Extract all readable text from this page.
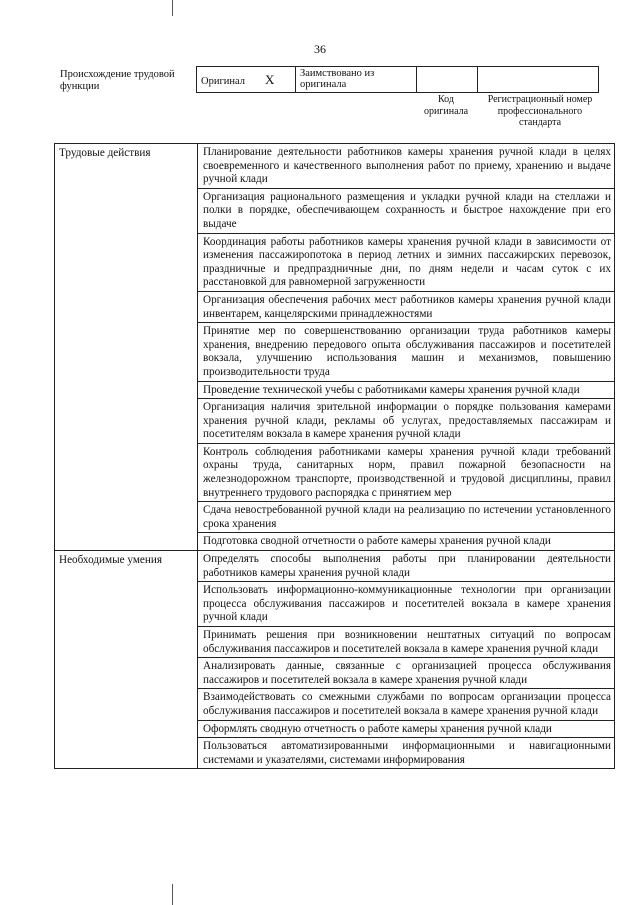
36
Происхождение трудовой функции	Оригинал X	Заимствовано из оригинала		
Код оригинала
Регистрационный номер профессионального стандарта
Трудовые действия	Планирование деятельности работников камеры хранения ручной клади в целях своевременного и качественного выполнения работ по приему, хранению и выдаче ручной клади
	Организация рационального размещения и укладки ручной клади на стеллажи и полки в порядке, обеспечивающем сохранность и быстрое нахождение при его выдаче
	Координация работы работников камеры хранения ручной клади в зависимости от изменения пассажиропотока в период летних и зимних пассажирских перевозок, праздничные и предпраздничные дни, по дням недели и часам суток с их расстановкой для равномерной загруженности
	Организация обеспечения рабочих мест работников камеры хранения ручной клади инвентарем, канцелярскими принадлежностями
	Принятие мер по совершенствованию организации труда работников камеры хранения, внедрению передового опыта обслуживания пассажиров и посетителей вокзала, улучшению использования машин и механизмов, повышению производительности труда
	Проведение технической учебы с работниками камеры хранения ручной клади
	Организация наличия зрительной информации о порядке пользования камерами хранения ручной клади, рекламы об услугах, предоставляемых пассажирам и посетителям вокзала в камере хранения ручной клади
	Контроль соблюдения работниками камеры хранения ручной клади требований охраны труда, санитарных норм, правил пожарной безопасности на железнодорожном транспорте, производственной и трудовой дисциплины, правил внутреннего трудового распорядка с принятием мер
	Сдача невостребованной ручной клади на реализацию по истечении установленного срока хранения
	Подготовка сводной отчетности о работе камеры хранения ручной клади
Необходимые умения	Определять способы выполнения работы при планировании деятельности работников камеры хранения ручной клади
	Использовать информационно-коммуникационные технологии при организации процесса обслуживания пассажиров и посетителей вокзала в камере хранения ручной клади
	Принимать решения при возникновении нештатных ситуаций по вопросам обслуживания пассажиров и посетителей вокзала в камере хранения ручной клади
	Анализировать данные, связанные с организацией процесса обслуживания пассажиров и посетителей вокзала в камере хранения ручной клади
	Взаимодействовать со смежными службами по вопросам организации процесса обслуживания пассажиров и посетителей вокзала в камере хранения ручной клади
	Оформлять сводную отчетность о работе камеры хранения ручной клади
	Пользоваться автоматизированными информационными и навигационными системами и указателями, системами информирования
